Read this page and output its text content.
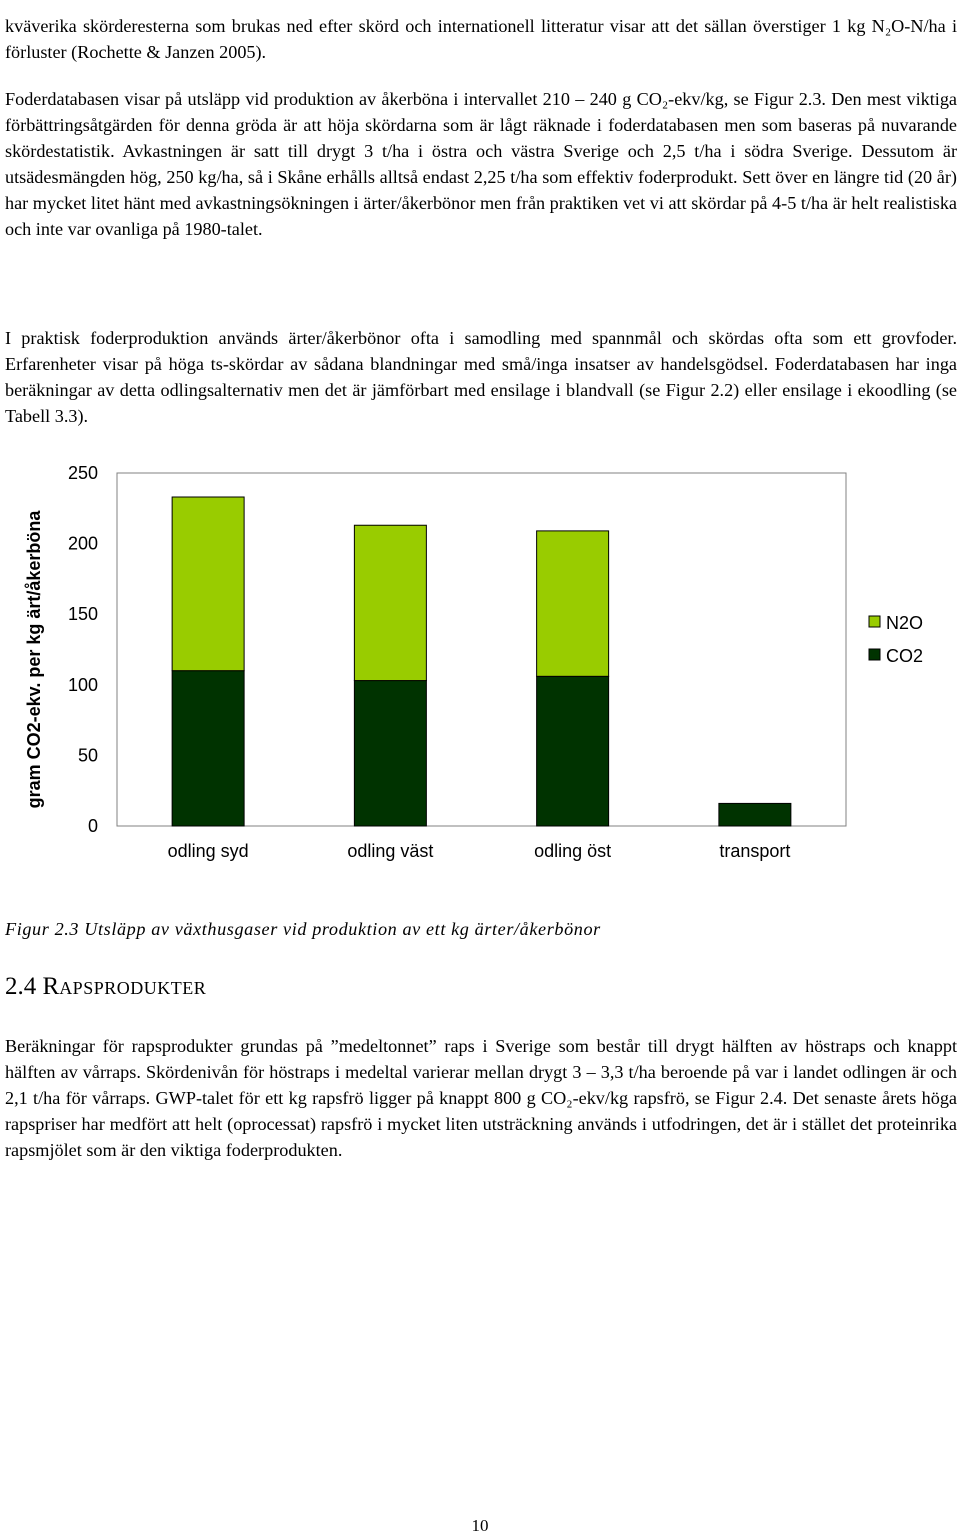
kväverika skörderesterna som brukas ned efter skörd och internationell litteratur visar att det sällan överstiger 1 kg N₂O-N/ha i förluster (Rochette & Janzen 2005).

Foderdatabasen visar på utsläpp vid produktion av åkerböna i intervallet 210 – 240 g CO₂-ekv/kg, se Figur 2.3. Den mest viktiga förbättringsåtgärden för denna gröda är att höja skördarna som är lågt räknade i foderdatabasen men som baseras på nuvarande skördestatistik. Avkastningen är satt till drygt 3 t/ha i östra och västra Sverige och 2,5 t/ha i södra Sverige. Dessutom är utsädesmängden hög, 250 kg/ha, så i Skåne erhålls alltså endast 2,25 t/ha som effektiv foderprodukt. Sett över en längre tid (20 år) har mycket litet hänt med avkastningsökningen i ärter/åkerbönor men från praktiken vet vi att skördar på 4-5 t/ha är helt realistiska och inte var ovanliga på 1980-talet.

I praktisk foderproduktion används ärter/åkerbönor ofta i samodling med spannmål och skördas ofta som ett grovfoder. Erfarenheter visar på höga ts-skördar av sådana blandningar med små/inga insatser av handelsgödsel. Foderdatabasen har inga beräkningar av detta odlingsalternativ men det är jämförbart med ensilage i blandvall (se Figur 2.2) eller ensilage i ekoodling (se Tabell 3.3).

0
50
100
150
200
250
gram CO2-ekv. per kg ärt/åkerböna
odling syd	odling väst	odling öst	transport
N2O
CO2
Figur 2.3 Utsläpp av växthusgaser vid produktion av ett kg ärter/åkerbönor
2.4 RAPSPRODUKTER

Beräkningar för rapsprodukter grundas på ”medeltonnet” raps i Sverige som består till drygt hälften av höstraps och knappt hälften av vårraps. Skördenivån för höstraps i medeltal varierar mellan drygt 3 – 3,3 t/ha beroende på var i landet odlingen är och 2,1 t/ha för vårraps. GWP-talet för ett kg rapsfrö ligger på knappt 800 g CO₂-ekv/kg rapsfrö, se Figur 2.4. Det senaste årets höga rapspriser har medfört att helt (oprocessat) rapsfrö i mycket liten utsträckning används i utfodringen, det är i stället det proteinrika rapsmjölet som är den viktiga foderprodukten.

10
